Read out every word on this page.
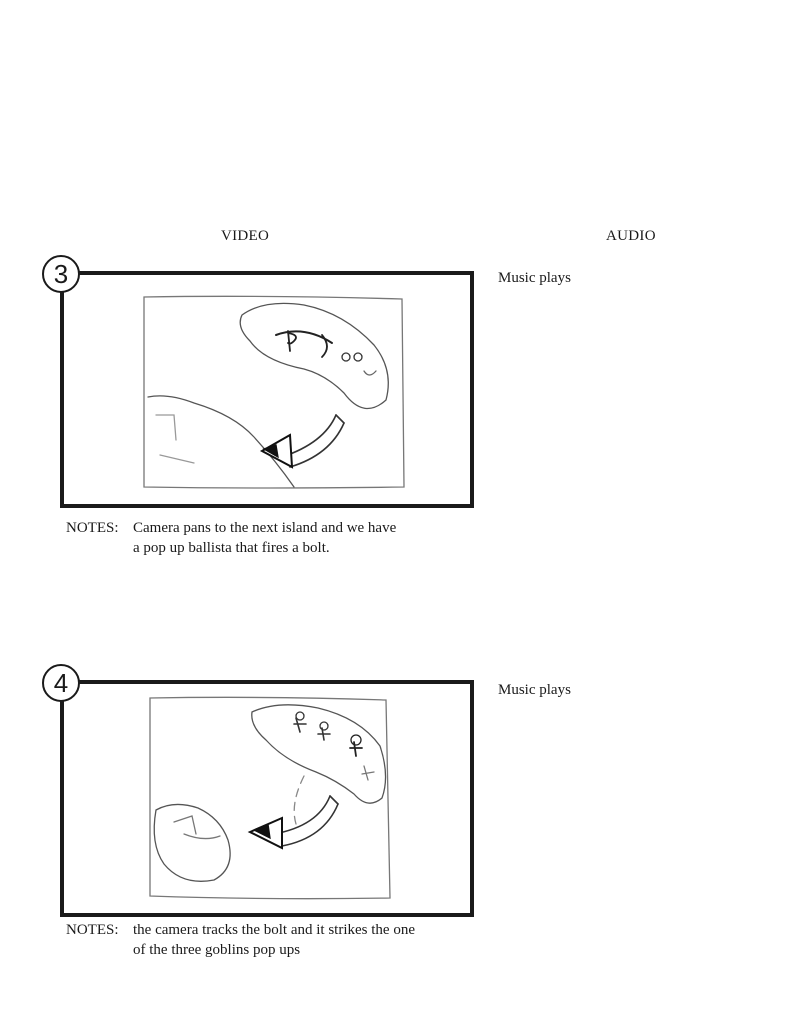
VIDEO	AUDIO
3	Music plays
NOTES: Camera pans to the next island and we have
a pop up ballista that fires a bolt.
4	Music plays
NOTES: the camera tracks the bolt and it strikes the one
of the three goblins pop ups
